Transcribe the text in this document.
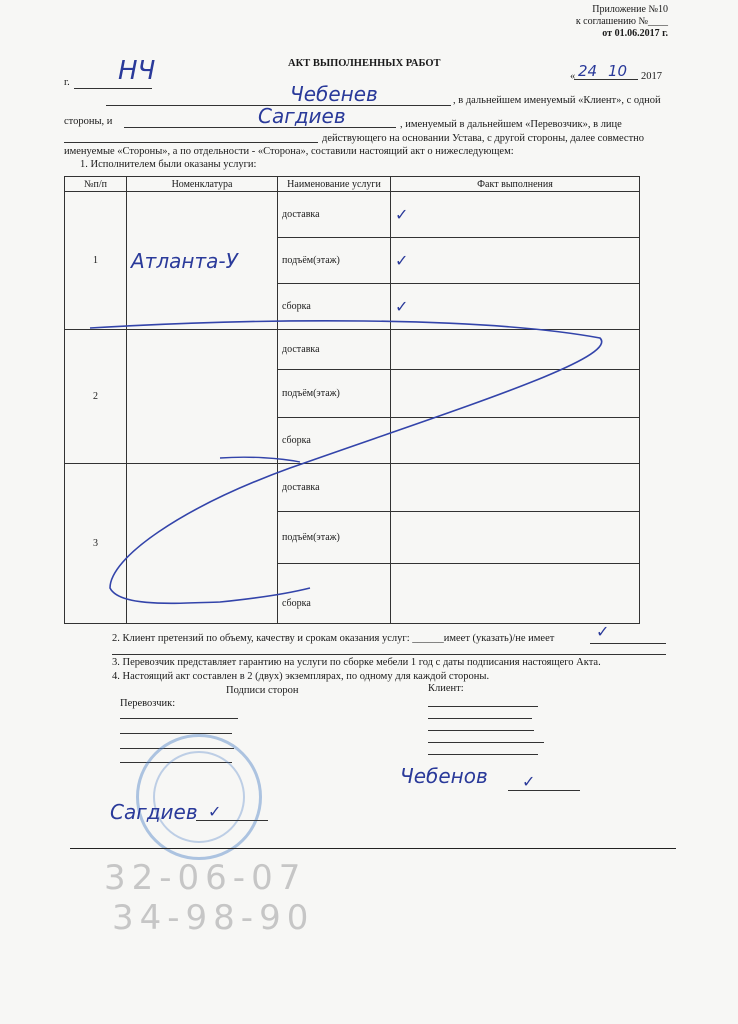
Приложение №10
к соглашению №____
от 01.06.2017 г.
АКТ ВЫПОЛНЕННЫХ РАБОТ
г. НЧ	« 24 10 2017
Чебенев	, в дальнейшем именуемый «Клиент», с одной
стороны, и	Сагдиев	, именуемый в дальнейшем «Перевозчик», в лице
действующего на основании Устава, с другой стороны, далее совместно
именуемые «Стороны», а по отдельности - «Сторона», составили настоящий акт о нижеследующем:
1. Исполнителем были оказаны услуги:
№п/п	Номенклатура	Наименование услуги	Факт выполнения
1	Атланта-У	доставка	✓
		подъём(этаж)	✓
		сборка	✓
2		доставка	
		подъём(этаж)	
		сборка	
3		доставка	
		подъём(этаж)	
		сборка	
2. Клиент претензий по объему, качеству и срокам оказания услуг: ______имеет (указать)/не имеет	✓
3. Перевозчик представляет гарантию на услуги по сборке мебели 1 год с даты подписания настоящего Акта.
4. Настоящий акт составлен в 2 (двух) экземплярах, по одному для каждой стороны.
Подписи сторон	Клиент:
Перевозчик:
Чебенов ✓
Сагдиев ✓
32-06-07
34-98-90
